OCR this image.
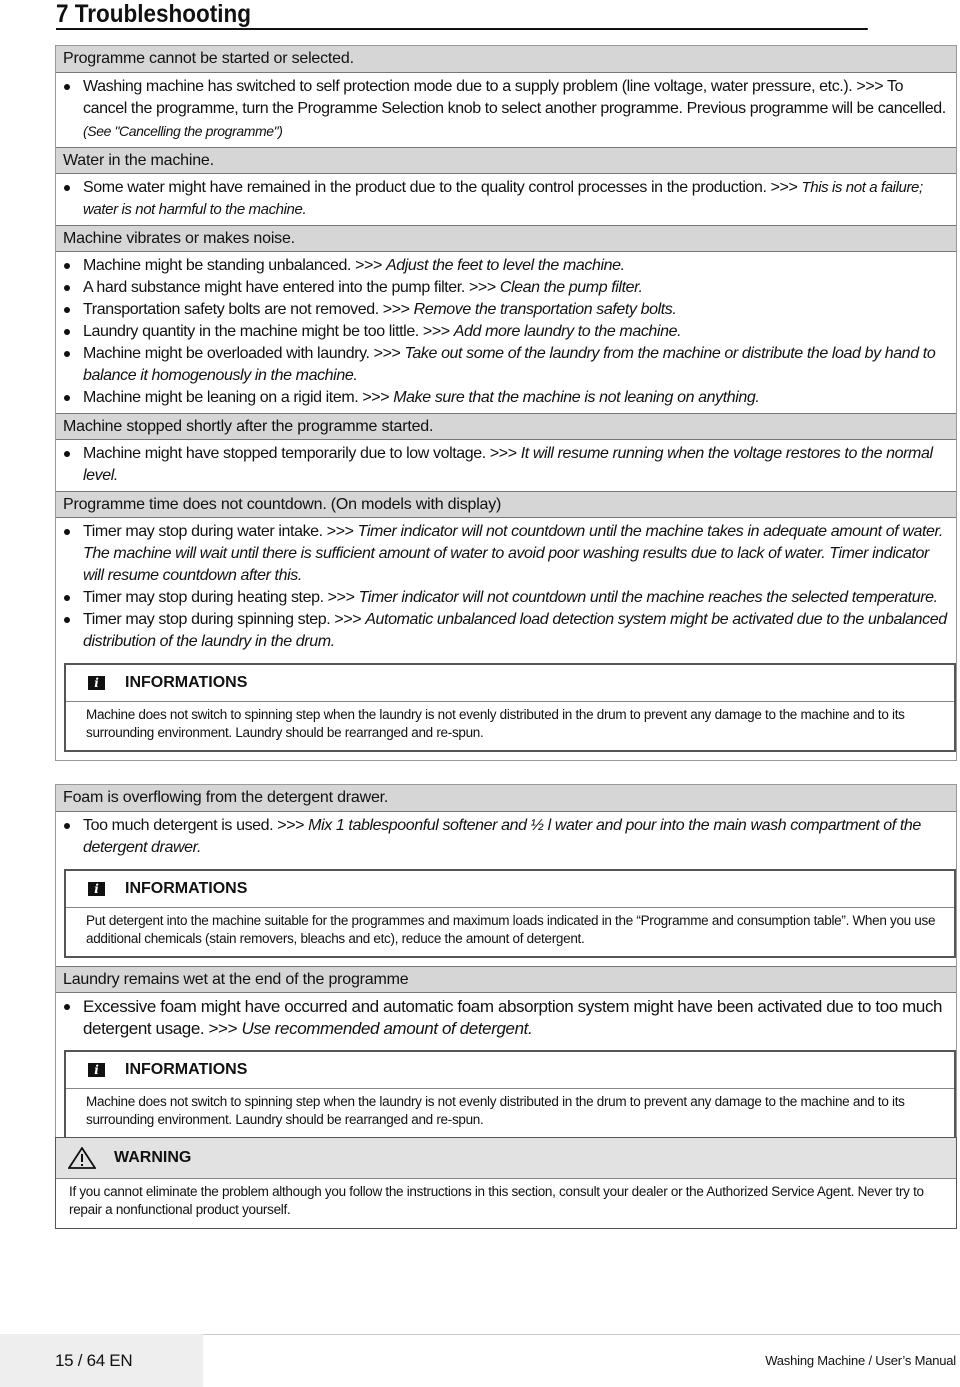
7 Troubleshooting
Programme cannot be started or selected.
Washing machine has switched to self protection mode due to a supply problem (line voltage, water pressure, etc.). >>> To cancel the programme, turn the Programme Selection knob to select another programme. Previous programme will be cancelled. (See "Cancelling the programme")
Water in the machine.
Some water might have remained in the product due to the quality control processes in the production. >>> This is not a failure; water is not harmful to the machine.
Machine vibrates or makes noise.
Machine might be standing unbalanced. >>> Adjust the feet to level the machine.
A hard substance might have entered into the pump filter. >>> Clean the pump filter.
Transportation safety bolts are not removed. >>> Remove the transportation safety bolts.
Laundry quantity in the machine might be too little. >>> Add more laundry to the machine.
Machine might be overloaded with laundry. >>> Take out some of the laundry from the machine or distribute the load by hand to balance it homogenously in the machine.
Machine might be leaning on a rigid item. >>> Make sure that the machine is not leaning on anything.
Machine stopped shortly after the programme started.
Machine might have stopped temporarily due to low voltage. >>> It will resume running when the voltage restores to the normal level.
Programme time does not countdown. (On models with display)
Timer may stop during water intake. >>> Timer indicator will not countdown until the machine takes in adequate amount of water. The machine will wait until there is sufficient amount of water to avoid poor washing results due to lack of water. Timer indicator will resume countdown after this.
Timer may stop during heating step. >>> Timer indicator will not countdown until the machine reaches the selected temperature.
Timer may stop during spinning step. >>> Automatic unbalanced load detection system might be activated due to the unbalanced distribution of the laundry in the drum.
i	INFORMATIONS
Machine does not switch to spinning step when the laundry is not evenly distributed in the drum to prevent any damage to the machine and to its surrounding environment. Laundry should be rearranged and re-spun.
Foam is overflowing from the detergent drawer.
Too much detergent is used. >>> Mix 1 tablespoonful softener and ½ l water and pour into the main wash compartment of the detergent drawer.
i	INFORMATIONS
Put detergent into the machine suitable for the programmes and maximum loads indicated in the “Programme and consumption table”. When you use additional chemicals (stain removers, bleachs and etc), reduce the amount of detergent.
Laundry remains wet at the end of the programme
Excessive foam might have occurred and automatic foam absorption system might have been activated due to too much detergent usage. >>> Use recommended amount of detergent.
i	INFORMATIONS
Machine does not switch to spinning step when the laundry is not evenly distributed in the drum to prevent any damage to the machine and to its surrounding environment. Laundry should be rearranged and re-spun.
WARNING
If you cannot eliminate the problem although you follow the instructions in this section, consult your dealer or the Authorized Service Agent. Never try to repair a nonfunctional product yourself.
15 / 64 EN	Washing Machine / User’s Manual
